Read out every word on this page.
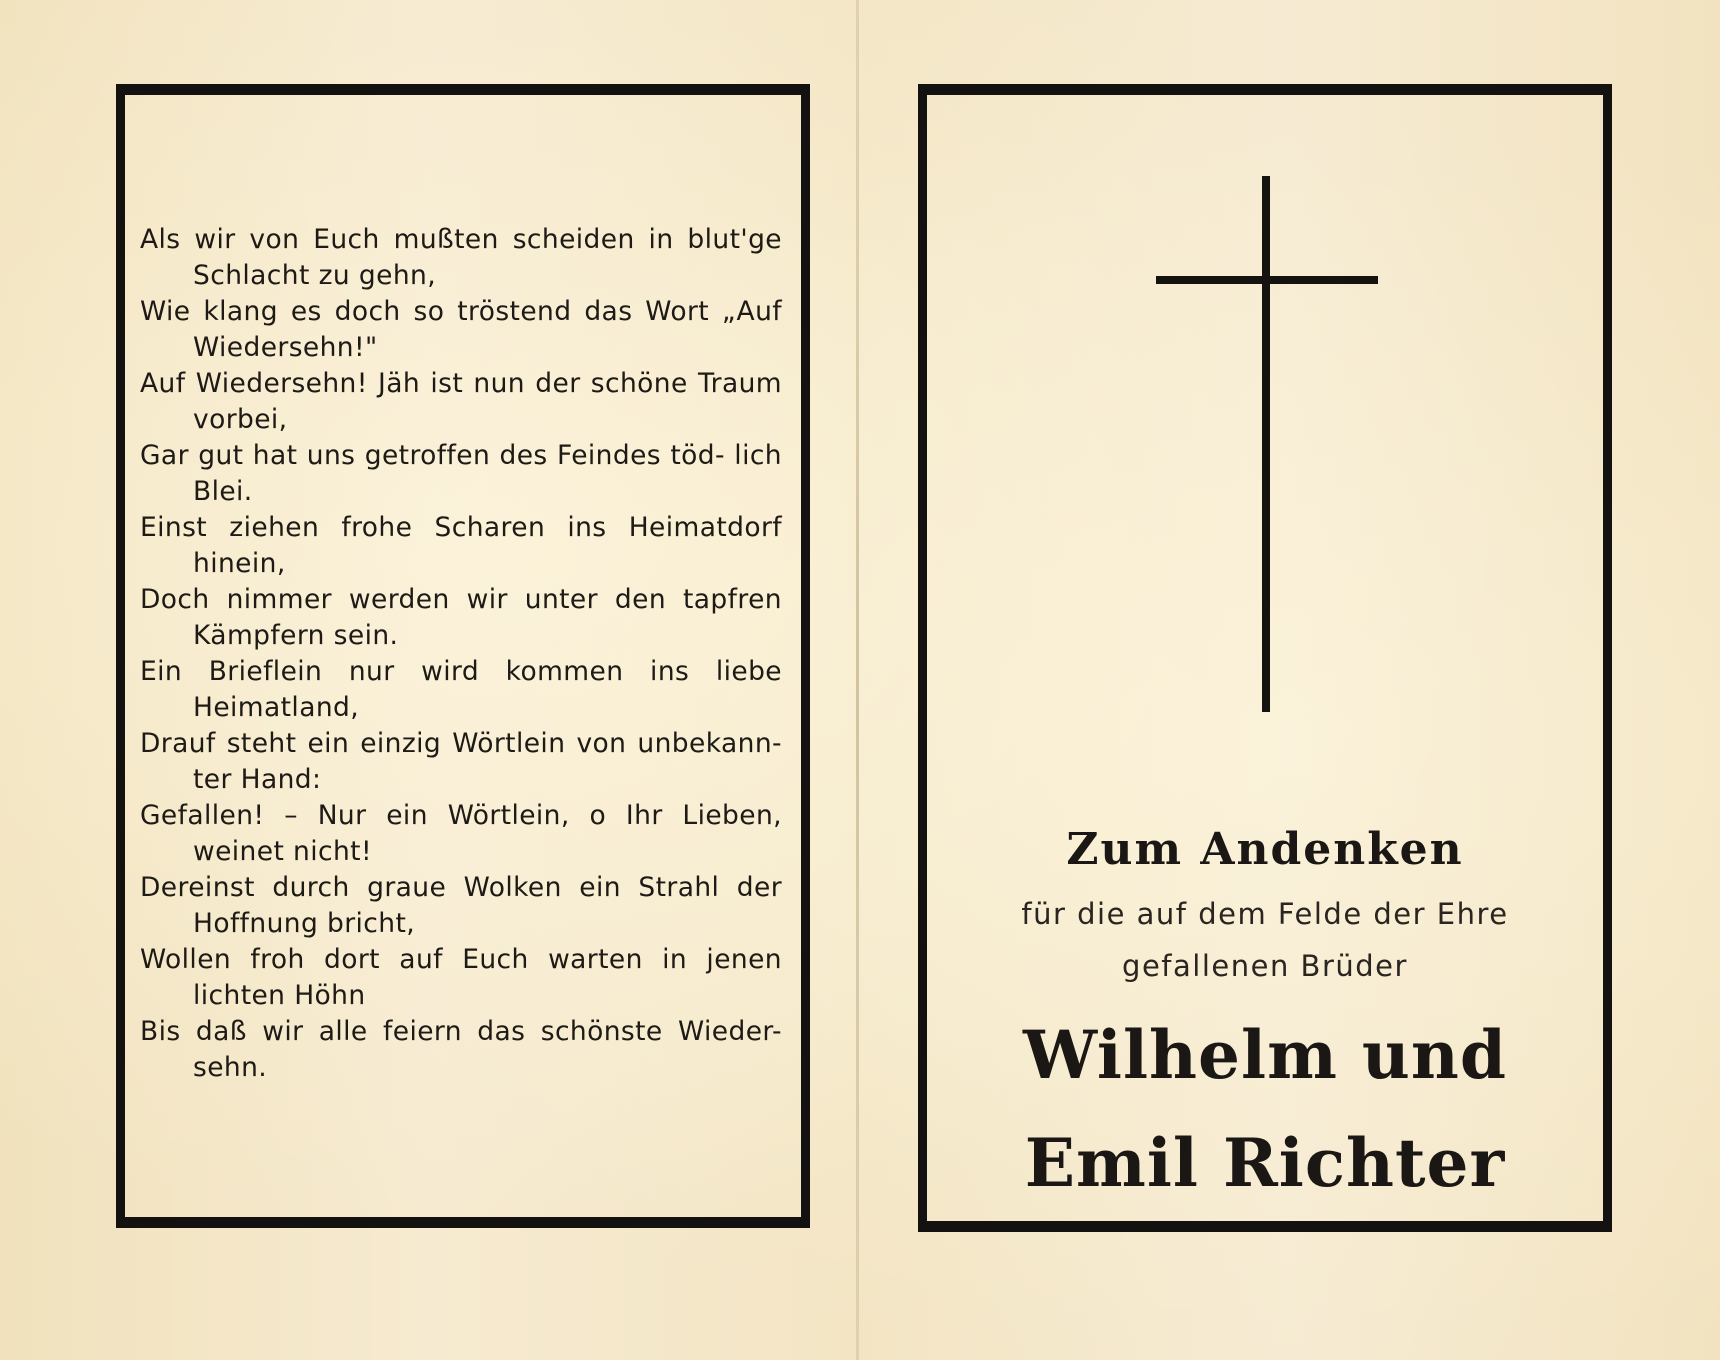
Als wir von Euch mußten scheiden in blut'ge Schlacht zu gehn,
Wie klang es doch so tröstend das Wort „Auf Wiedersehn!"
Auf Wiedersehn! Jäh ist nun der schöne Traum vorbei,
Gar gut hat uns getroffen des Feindes töd- lich Blei.
Einst ziehen frohe Scharen ins Heimatdorf hinein,
Doch nimmer werden wir unter den tapfren Kämpfern sein.
Ein Brieflein nur wird kommen ins liebe Heimatland,
Drauf steht ein einzig Wörtlein von unbekann- ter Hand:
Gefallen! – Nur ein Wörtlein, o Ihr Lieben, weinet nicht!
Dereinst durch graue Wolken ein Strahl der Hoffnung bricht,
Wollen froh dort auf Euch warten in jenen lichten Höhn
Bis daß wir alle feiern das schönste Wieder- sehn.
Zum Andenken
für die auf dem Felde der Ehre
gefallenen Brüder
Wilhelm und
Emil Richter
